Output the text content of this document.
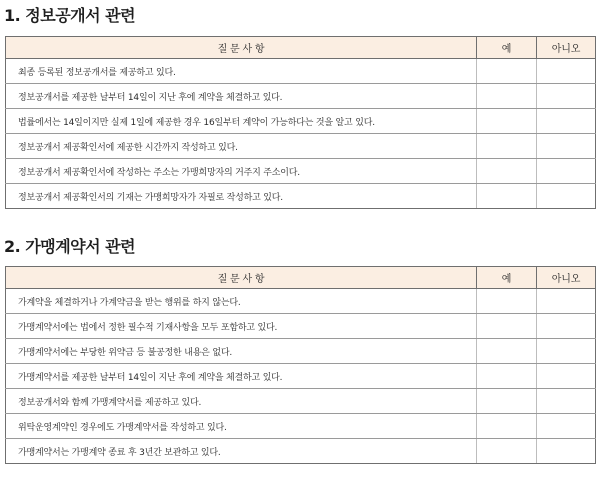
1. 정보공개서 관련
질 문 사 항	예	아니오
최종 등록된 정보공개서를 제공하고 있다.		
정보공개서를 제공한 날부터 14일이 지난 후에 계약을 체결하고 있다.		
법률에서는 14일이지만 실제 1일에 제공한 경우 16일부터 계약이 가능하다는 것을 알고 있다.		
정보공개서 제공확인서에 제공한 시간까지 작성하고 있다.		
정보공개서 제공확인서에 작성하는 주소는 가맹희망자의 거주지 주소이다.		
정보공개서 제공확인서의 기재는 가맹희망자가 자필로 작성하고 있다.		
2. 가맹계약서 관련
질 문 사 항	예	아니오
가계약을 체결하거나 가계약금을 받는 행위를 하지 않는다.		
가맹계약서에는 법에서 정한 필수적 기재사항을 모두 포함하고 있다.		
가맹계약서에는 부당한 위약금 등 불공정한 내용은 없다.		
가맹계약서를 제공한 날부터 14일이 지난 후에 계약을 체결하고 있다.		
정보공개서와 함께 가맹계약서를 제공하고 있다.		
위탁운영계약인 경우에도 가맹계약서를 작성하고 있다.		
가맹계약서는 가맹계약 종료 후 3년간 보관하고 있다.		
